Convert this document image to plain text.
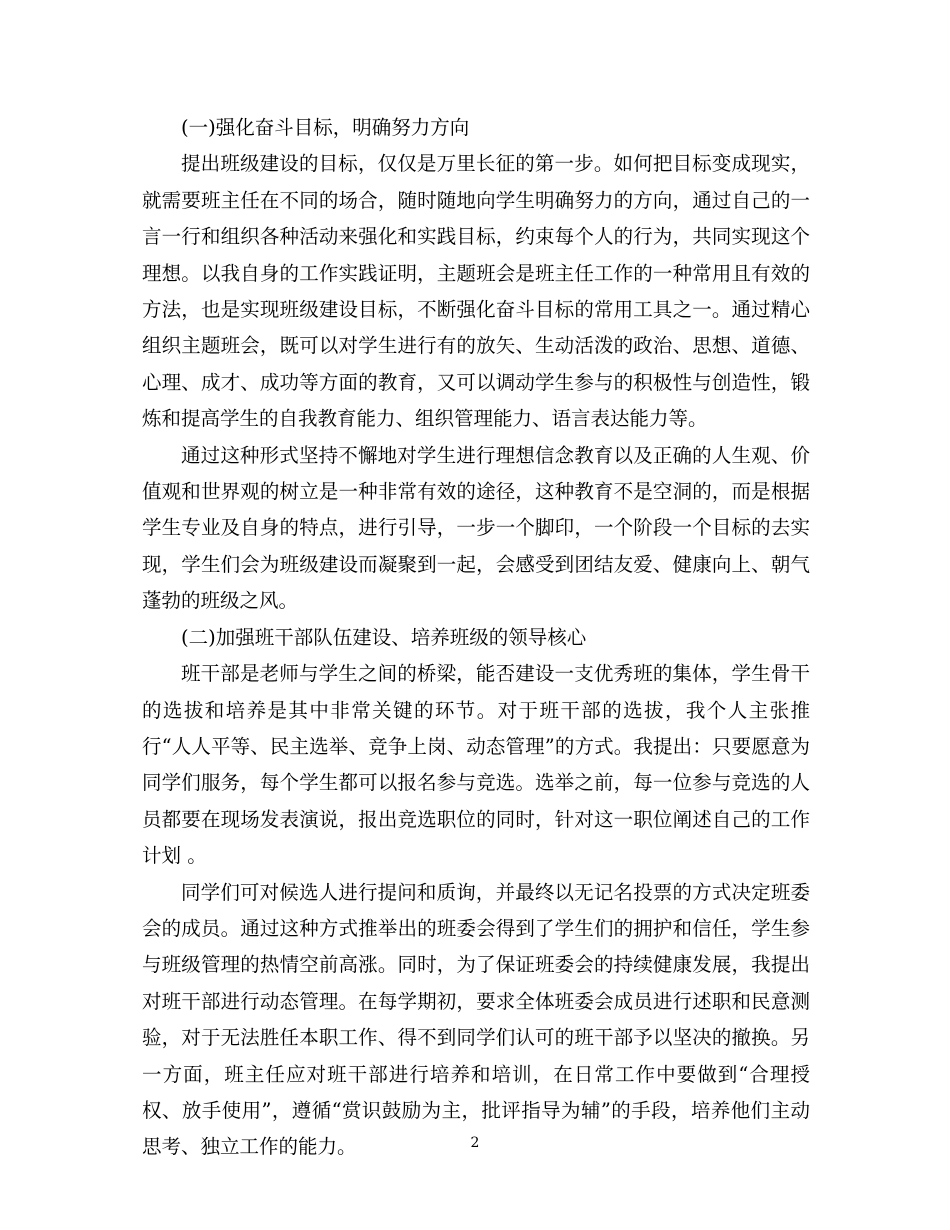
(一)强化奋斗目标，明确努力方向

提出班级建设的目标，仅仅是万里长征的第一步。如何把目标变成现实，就需要班主任在不同的场合，随时随地向学生明确努力的方向，通过自己的一言一行和组织各种活动来强化和实践目标，约束每个人的行为，共同实现这个理想。以我自身的工作实践证明，主题班会是班主任工作的一种常用且有效的方法，也是实现班级建设目标，不断强化奋斗目标的常用工具之一。通过精心组织主题班会，既可以对学生进行有的放矢、生动活泼的政治、思想、道德、心理、成才、成功等方面的教育，又可以调动学生参与的积极性与创造性，锻炼和提高学生的自我教育能力、组织管理能力、语言表达能力等。

通过这种形式坚持不懈地对学生进行理想信念教育以及正确的人生观、价值观和世界观的树立是一种非常有效的途径，这种教育不是空洞的，而是根据学生专业及自身的特点，进行引导，一步一个脚印，一个阶段一个目标的去实现，学生们会为班级建设而凝聚到一起，会感受到团结友爱、健康向上、朝气蓬勃的班级之风。

(二)加强班干部队伍建设、培养班级的领导核心

班干部是老师与学生之间的桥梁，能否建设一支优秀班的集体，学生骨干的选拔和培养是其中非常关键的环节。对于班干部的选拔，我个人主张推行“人人平等、民主选举、竞争上岗、动态管理”的方式。我提出：只要愿意为同学们服务，每个学生都可以报名参与竞选。选举之前，每一位参与竞选的人员都要在现场发表演说，报出竞选职位的同时，针对这一职位阐述自己的工作计划 。

同学们可对候选人进行提问和质询，并最终以无记名投票的方式决定班委会的成员。通过这种方式推举出的班委会得到了学生们的拥护和信任，学生参与班级管理的热情空前高涨。同时，为了保证班委会的持续健康发展，我提出对班干部进行动态管理。在每学期初，要求全体班委会成员进行述职和民意测验，对于无法胜任本职工作、得不到同学们认可的班干部予以坚决的撤换。另一方面，班主任应对班干部进行培养和培训，在日常工作中要做到“合理授权、放手使用”，遵循“赏识鼓励为主，批评指导为辅”的手段，培养他们主动思考、独立工作的能力。	2
